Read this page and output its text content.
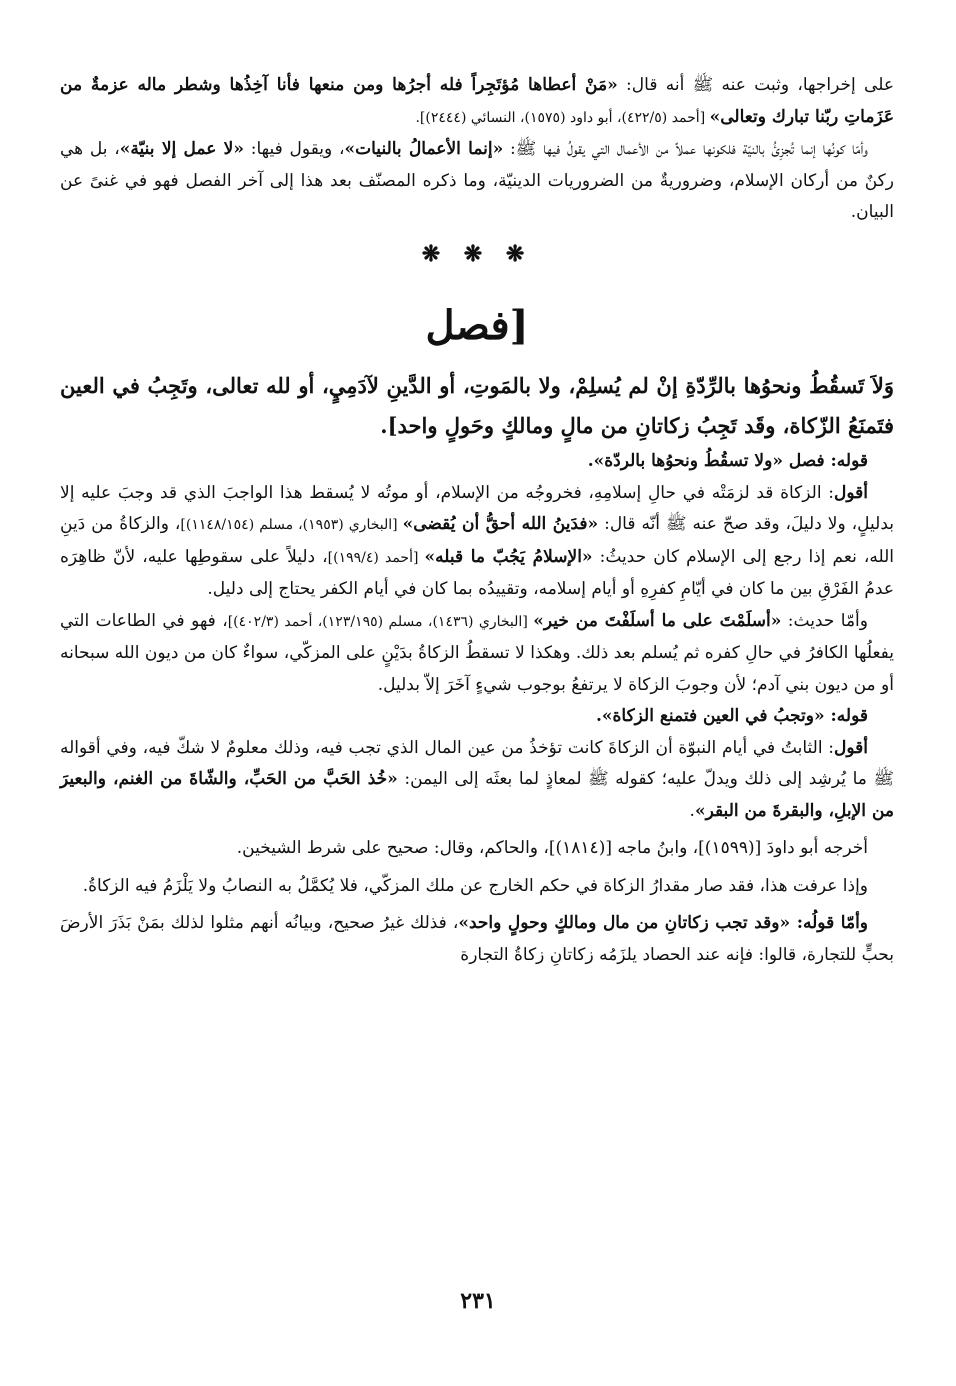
على إخراجها، وثبت عنه ﷺ أنه قال: «مَنْ أعطاها مُؤتَجِراً فله أجرُها ومن منعها فأنا آخِذُها وشطر ماله عزمةٌ من عَزَماتِ ربّنا تبارك وتعالى» [أحمد (٤٢٢/٥)، أبو داود (١٥٧٥)، النسائي (٢٤٤٤)].

وأمّا كونُها إنما تُجزِئُ بالنيّة فلكونها عملاً من الأعمال التي يقولُ فيها ﷺ: «إنما الأعمالُ بالنيات»، ويقول فيها: «لا عمل إلا بنيّة»، بل هي ركنٌ من أركان الإسلام، وضروريةٌ من الضروريات الدينيّة، وما ذكره المصنّف بعد هذا إلى آخر الفصل فهو في غنىً عن البيان.

❋ ❋ ❋
[فصل

وَلاَ تَسقُطُ ونحوُها بالرِّدّةِ إنْ لم يُسلِمْ، ولا بالمَوتِ، أو الدَّينِ لآدَمِيٍ، أو لله تعالى، وتَجِبُ في العين فتَمنَعُ الزّكاة، وقَد تَجِبُ زكاتانِ من مالٍ ومالكٍ وحَولٍ واحد].

قوله: فصل «ولا تسقُطُ ونحوُها بالردّة».

أقول: الزكاة قد لزمَتْه في حالِ إسلامِهِ، فخروجُه من الإسلام، أو موتُه لا يُسقط هذا الواجبَ الذي قد وجبَ عليه إلا بدليلٍ، ولا دليلَ، وقد صحّ عنه ﷺ أنّه قال: «فدَينُ الله أحقُّ أن يُقضى» [البخاري (١٩٥٣)، مسلم (١١٤٨/١٥٤)]، والزكاةُ من دَينِ الله، نعم إذا رجع إلى الإسلام كان حديثُ: «الإسلامُ يَجُبّ ما قبله» [أحمد (١٩٩/٤)]، دليلاً على سقوطِها عليه، لأنّ ظاهِرَه عدمُ الفَرْقِ بين ما كان في أيّامِ كفرِهِ أو أيام إسلامه، وتقييدُه بما كان في أيام الكفر يحتاج إلى دليل.

وأمّا حديث: «أسلَمْتَ على ما أسلَفْتَ من خير» [البخاري (١٤٣٦)، مسلم (١٢٣/١٩٥)، أحمد (٤٠٢/٣)]، فهو في الطاعات التي يفعلُها الكافرُ في حالِ كفره ثم يُسلم بعد ذلك. وهكذا لا تسقطُ الزكاةُ بدَيْنٍ على المزكّي، سواءٌ كان من ديون الله سبحانه أو من ديون بني آدم؛ لأن وجوبَ الزكاة لا يرتفعُ بوجوب شيءٍ آخَرَ إلاّ بدليل.

قوله: «وتجبُ في العين فتمنع الزكاة».

أقول: الثابتُ في أيام النبوّة أن الزكاةَ كانت تؤخذُ من عين المال الذي تجب فيه، وذلك معلومٌ لا شكّ فيه، وفي أقواله ﷺ ما يُرشِد إلى ذلك ويدلّ عليه؛ كقوله ﷺ لمعاذٍ لما بعثَه إلى اليمن: «خُذ الحَبَّ من الحَبِّ، والشّاةَ من الغنم، والبعيرَ من الإبلِ، والبقرةَ من البقر».

أخرجه أبو داودَ [(١٥٩٩)]، وابنُ ماجه [(١٨١٤)]، والحاكم، وقال: صحيح على شرط الشيخين.

وإذا عرفت هذا، فقد صار مقدارُ الزكاة في حكم الخارج عن ملك المزكّي، فلا يُكمَّلُ به النصابُ ولا يَلْزَمُ فيه الزكاةُ.

وأمّا قولُه: «وقد تجب زكاتانِ من مال ومالكٍ وحولٍ واحد»، فذلك غيرُ صحيح، وبيانُه أنهم مثلوا لذلك بمَنْ بَذَرَ الأرضَ بحبٍّ للتجارة، قالوا: فإنه عند الحصاد يلزَمُه زكاتانِ زكاةُ التجارة

٢٣١
